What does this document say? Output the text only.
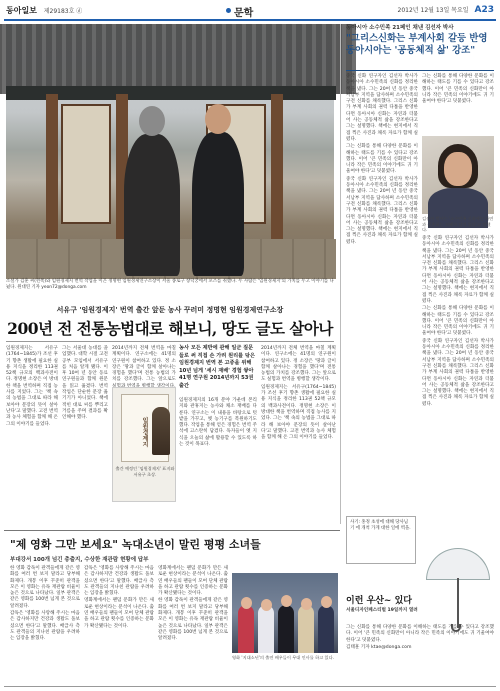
동아일보 제29183호 ⓓ	문학	2012년 12월 13일 목요일 A23
소설가 김훈 씨(왼쪽)와 임원경제지 번역 작업을 이끈 정명현 임원경제연구소장이 서울 종로구 창덕궁에서 포즈를 취했다. 두 사람은 '임원경제지'의 가치를 두고 이야기를 나눴다. 원대연 기자 yeon72@donga.com
서유구 '임원경제지' 번역 출간 앞둔 농사 꾸러미 정명현 임원경제연구소장
200년 전 전통농법대로 해보니, 땅도 글도 살아나

임원경제지는 서유구(1764~1845)가 조선 후기 향촌 생활에 필요한 실용 지식을 정리한 113권 52책 규모의 백과사전이다. 정명현 소장은 이 방대한 책을 번역하며 직접 농사를 지었다. 그는 '책 속의 농법을 그대로 따라 해 보아야 문장의 뜻이 살아난다'고 말했다. 고전 번역과 농사 체험을 함께 해 온 그의 이야기를 들었다.

그는 서울대 농대를 졸업했다. 대학 시절 고전 공부 모임에서 서유구를 처음 알게 됐다. 이후 10여 년 동안 동료 연구원들과 함께 원문을 읽고 옮겼다. 번역 작업은 단순한 문장 옮기기가 아니었다. 책에 적힌 대로 씨를 뿌리고 거름을 주며 결과를 확인해야 했다.

2014년까지 전체 번역을 마칠 계획이다. 연구소에는 41명의 연구원이 참여하고 있다. 정 소장은 '땅과 글이 함께 살아나는 경험을 했다'며 전통 농법의 가치를 강조했다. 그는 앞으로도

농사 모든 제반에 관해 일군 질문 들로 써 직접 손 가려 원리를 닦은 임원경제지 번역 본 고증을 위해 10년 넘게 '세시 재배' 경험 쌓아 41명 연구원 2014년까지 53권 출간

임원경제지의 16개 분야 가운데 본리지와 관휴지는 농사와 채소 재배를 다룬다. 연구소는 이 내용을 바탕으로 텃밭을 가꾸고, 옛 농기구를 복원하기도 했다. 작업을 통해 얻은 경험은 번역 주석에 고스란히 담겼다. 독자들이 옛 지식을 오늘의 삶에 활용할 수 있도록 하는 것이 목표다.

2014년까지 전체 번역을 마칠 계획이다. 연구소에는 41명의 연구원이 참여하고 있다. 정 소장은 '땅과 글이 함께 살아나는 경험을 했다'며 전통 농법의 가치를 강조했다. 그는 앞으로도 실험과 번역을 병행할 생각이다.

임원경제지는 서유구(1764~1845)가 조선 후기 향촌 생활에 필요한 실용 지식을 정리한 113권 52책 규모의 백과사전이다. 정명현 소장은 이 방대한 책을 번역하며 직접 농사를 지었다. 그는 '책 속의 농법을 그대로 따라 해 보아야 문장의 뜻이 살아난다'고 말했다. 고전 번역과 농사 체험을 함께 해 온 그의 이야기를 들었다.

임원경제지
출간 예정인 '임원경제지' 표지와 서유구 초상.
동아시아 소수민족 21페인 채낸 김선자 박사
"그리스신화는 부계사회 갈등 반영 동아시아는 '공동체적 삶' 강조"

중국 신화 연구자인 김선자 박사가 동아시아 소수민족의 신화를 정리한 책을 냈다. 그는 20여 년 동안 중국 서남부 지역을 답사하며 소수민족의 구전 신화를 채록했다. 그리스 신화가 부계 사회의 권력 다툼을 반영한다면 동아시아 신화는 자연과 더불어 사는 공동체적 삶을 강조한다고 그는 설명했다. 책에는 현지에서 직접 찍은 사진과 채록 자료가 함께 실렸다.

그는 신화를 통해 다양한 문화를 이해하는 태도를 기를 수 있다고 강조했다. 이어 '큰 민족의 신화만이 아니라 작은 민족의 이야기에도 귀 기울여야 한다'고 덧붙였다.

중국 신화 연구자인 김선자 박사가 동아시아 소수민족의 신화를 정리한 책을 냈다. 그는 20여 년 동안 중국 서남부 지역을 답사하며 소수민족의 구전 신화를 채록했다. 그리스 신화가 부계 사회의 권력 다툼을 반영한다면 동아시아 신화는 자연과 더불어 사는 공동체적 삶을 강조한다고 그는 설명했다. 책에는 현지에서 직접 찍은 사진과 채록 자료가 함께 실렸다.

그는 신화를 통해 다양한 문화를 이해하는 태도를 기를 수 있다고 강조했다. 이어 '큰 민족의 신화만이 아니라 작은 민족의 이야기에도 귀 기울여야 한다'고 덧붙였다.

김선자 박사는 '소수민족 신화에는 자연과 공존하는 지혜가 담겨 있다'고 말했다.

중국 신화 연구자인 김선자 박사가 동아시아 소수민족의 신화를 정리한 책을 냈다. 그는 20여 년 동안 중국 서남부 지역을 답사하며 소수민족의 구전 신화를 채록했다. 그리스 신화가 부계 사회의 권력 다툼을 반영한다면 동아시아 신화는 자연과 더불어 사는 공동체적 삶을 강조한다고 그는 설명했다. 책에는 현지에서 직접 찍은 사진과 채록 자료가 함께 실렸다.

그는 신화를 통해 다양한 문화를 이해하는 태도를 기를 수 있다고 강조했다. 이어 '큰 민족의 신화만이 아니라 작은 민족의 이야기에도 귀 기울여야 한다'고 덧붙였다.

중국 신화 연구자인 김선자 박사가 동아시아 소수민족의 신화를 정리한 책을 냈다. 그는 20여 년 동안 중국 서남부 지역을 답사하며 소수민족의 구전 신화를 채록했다. 그리스 신화가 부계 사회의 권력 다툼을 반영한다면 동아시아 신화는 자연과 더불어 사는 공동체적 삶을 강조한다고 그는 설명했다. 책에는 현지에서 직접 찍은 사진과 채록 자료가 함께 실렸다.

사기: 홍정 초성에 대해 당사님기 에 개척 가게 대한 일에 벽을.
이런 우산~ 있다
서울디자인페스티벌 19일까지 열려

그는 신화를 통해 다양한 문화를 이해하는 태도를 기를 수 있다고 강조했다. 이어 '큰 민족의 신화만이 아니라 작은 민족의 이야기에도 귀 기울여야 한다'고 덧붙였다.

김태훈 기자 ktae@donga.com

"제 영화 그만 보세요" 녹대소년이 말린 평평 소녀들
부대강서 100개 넘긴 총출지, 수상한 재관람 현황에 답부

한 영화 감독이 관객들에게 같은 영화를 여러 번 보지 말라고 당부해 화제다. 개봉 이후 꾸준히 관객을 모은 이 영화는 유독 재관람 비율이 높은 것으로 나타났다. 일부 관객은 같은 영화를 100번 넘게 본 것으로 알려졌다.

감독은 '영화를 사랑해 주시는 마음은 감사하지만 건강과 생활도 돌보셨으면 한다'고 말했다. 배급사 측도 관객들의 지나친 관람을 우려하는 입장을 밝혔다.

감독은 '영화를 사랑해 주시는 마음은 감사하지만 건강과 생활도 돌보셨으면 한다'고 말했다. 배급사 측도 관객들의 지나친 관람을 우려하는 입장을 밝혔다.

영화계에서는 팬덤 문화가 만든 새로운 현상이라는 분석이 나온다. 출연 배우들의 팬들이 모여 단체 관람을 하고 관람 횟수를 인증하는 문화가 확산됐다는 것이다.

영화계에서는 팬덤 문화가 만든 새로운 현상이라는 분석이 나온다. 출연 배우들의 팬들이 모여 단체 관람을 하고 관람 횟수를 인증하는 문화가 확산됐다는 것이다.

한 영화 감독이 관객들에게 같은 영화를 여러 번 보지 말라고 당부해 화제다. 개봉 이후 꾸준히 관객을 모은 이 영화는 유독 재관람 비율이 높은 것으로 나타났다. 일부 관객은 같은 영화를 100번 넘게 본 것으로 알려졌다.

영화 '지대소년'의 출연 배우들이 무대 인사를 하고 있다.
